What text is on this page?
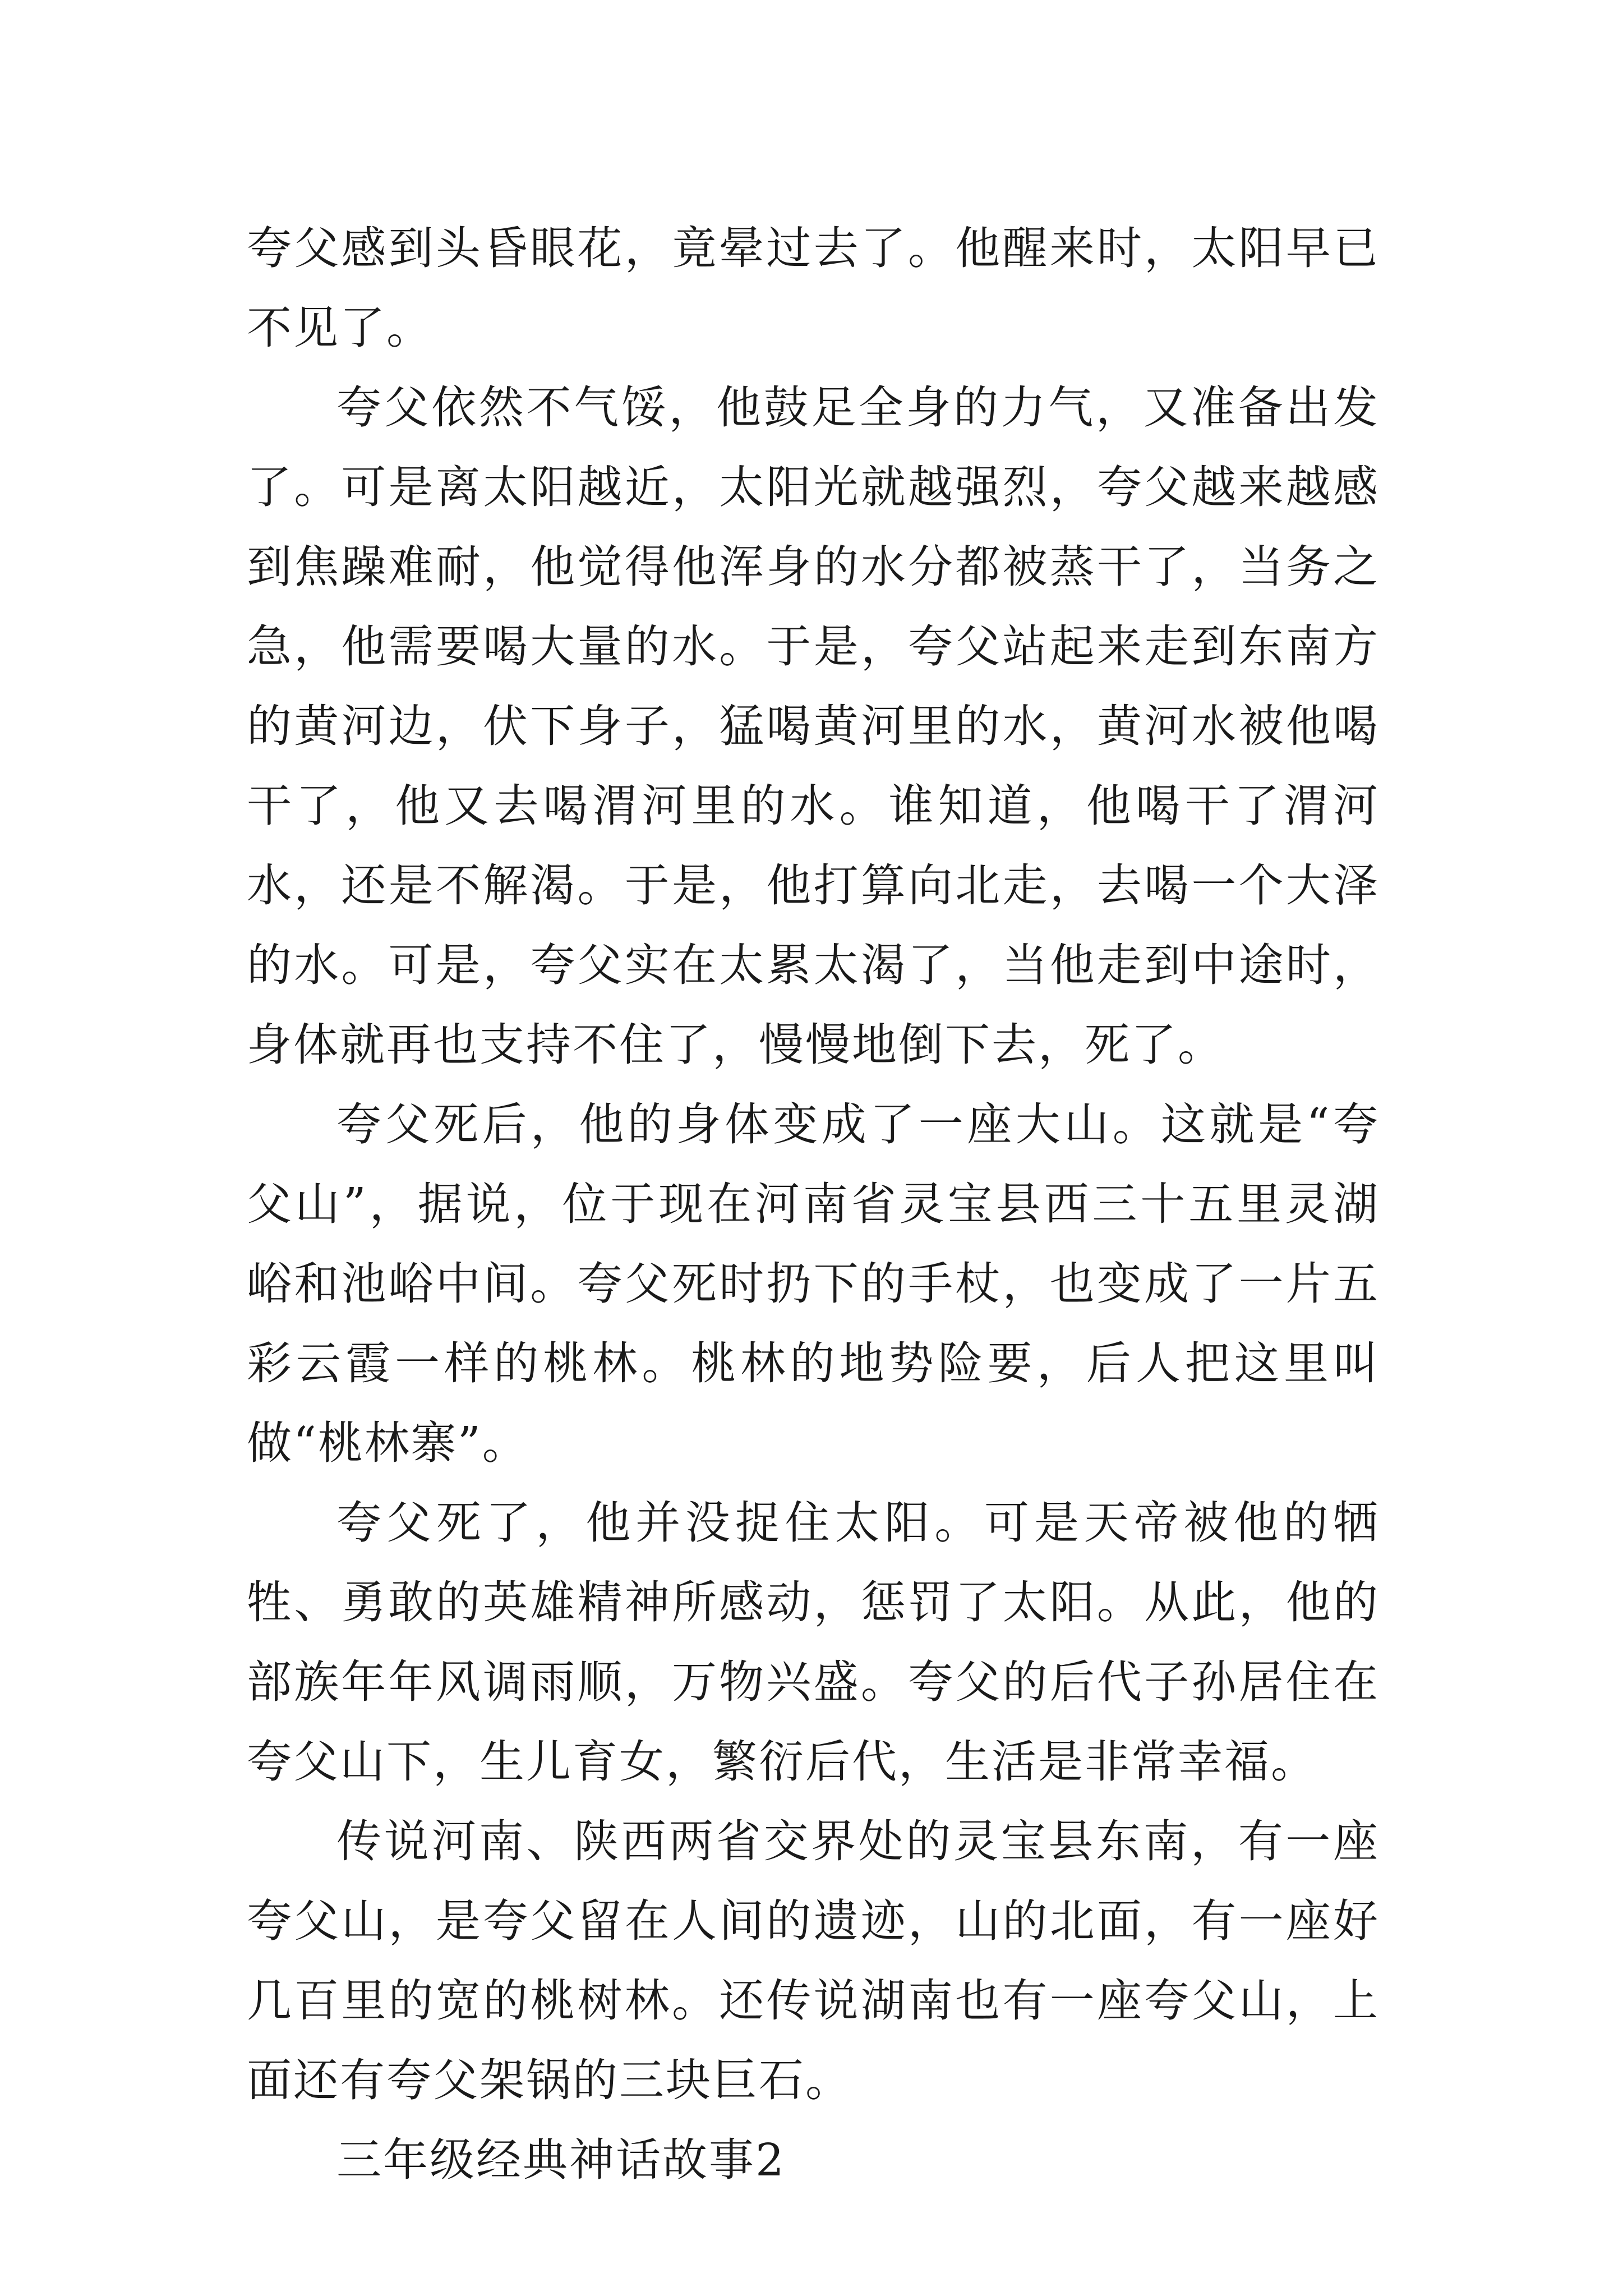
夸父感到头昏眼花，竟晕过去了。他醒来时，太阳早已不见了。

夸父依然不气馁，他鼓足全身的力气，又准备出发了。可是离太阳越近，太阳光就越强烈，夸父越来越感到焦躁难耐，他觉得他浑身的水分都被蒸干了，当务之急，他需要喝大量的水。于是，夸父站起来走到东南方的黄河边，伏下身子，猛喝黄河里的水，黄河水被他喝干了，他又去喝渭河里的水。谁知道，他喝干了渭河水，还是不解渴。于是，他打算向北走，去喝一个大泽的水。可是，夸父实在太累太渴了，当他走到中途时，身体就再也支持不住了，慢慢地倒下去，死了。

夸父死后，他的身体变成了一座大山。这就是“夸父山”，据说，位于现在河南省灵宝县西三十五里灵湖峪和池峪中间。夸父死时扔下的手杖，也变成了一片五彩云霞一样的桃林。桃林的地势险要，后人把这里叫做“桃林寨”。

夸父死了，他并没捉住太阳。可是天帝被他的牺牲、勇敢的英雄精神所感动，惩罚了太阳。从此，他的部族年年风调雨顺，万物兴盛。夸父的后代子孙居住在夸父山下，生儿育女，繁衍后代，生活是非常幸福。

传说河南、陕西两省交界处的灵宝县东南，有一座夸父山，是夸父留在人间的遗迹，山的北面，有一座好几百里的宽的桃树林。还传说湖南也有一座夸父山，上面还有夸父架锅的三块巨石。

三年级经典神话故事2
